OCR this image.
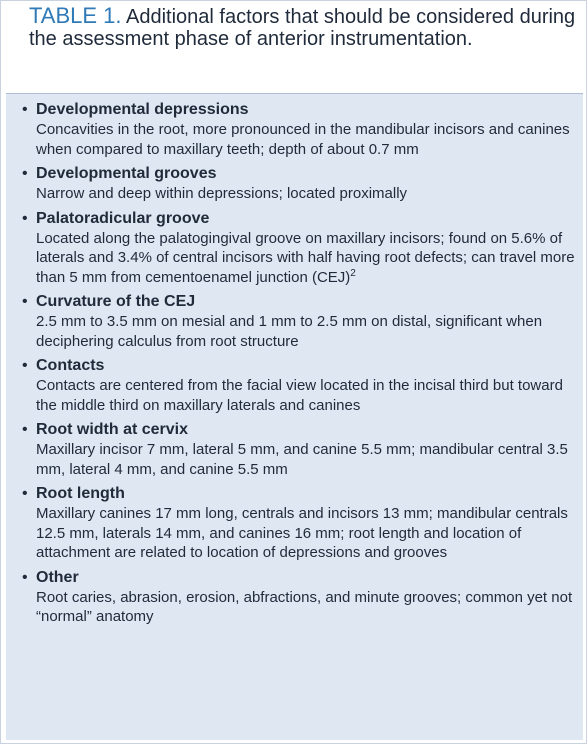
TABLE 1. Additional factors that should be considered during the assessment phase of anterior instrumentation.
• Developmental depressions
Concavities in the root, more pronounced in the mandibular incisors and canines when compared to maxillary teeth; depth of about 0.7 mm
• Developmental grooves
Narrow and deep within depressions; located proximally
• Palatoradicular groove
Located along the palatogingival groove on maxillary incisors; found on 5.6% of laterals and 3.4% of central incisors with half having root defects; can travel more than 5 mm from cementoenamel junction (CEJ)$^2$
• Curvature of the CEJ
2.5 mm to 3.5 mm on mesial and 1 mm to 2.5 mm on distal, significant when deciphering calculus from root structure
• Contacts
Contacts are centered from the facial view located in the incisal third but toward the middle third on maxillary laterals and canines
• Root width at cervix
Maxillary incisor 7 mm, lateral 5 mm, and canine 5.5 mm; mandibular central 3.5 mm, lateral 4 mm, and canine 5.5 mm
• Root length
Maxillary canines 17 mm long, centrals and incisors 13 mm; mandibular centrals 12.5 mm, laterals 14 mm, and canines 16 mm; root length and location of attachment are related to location of depressions and grooves
• Other
Root caries, abrasion, erosion, abfractions, and minute grooves; common yet not “normal” anatomy
